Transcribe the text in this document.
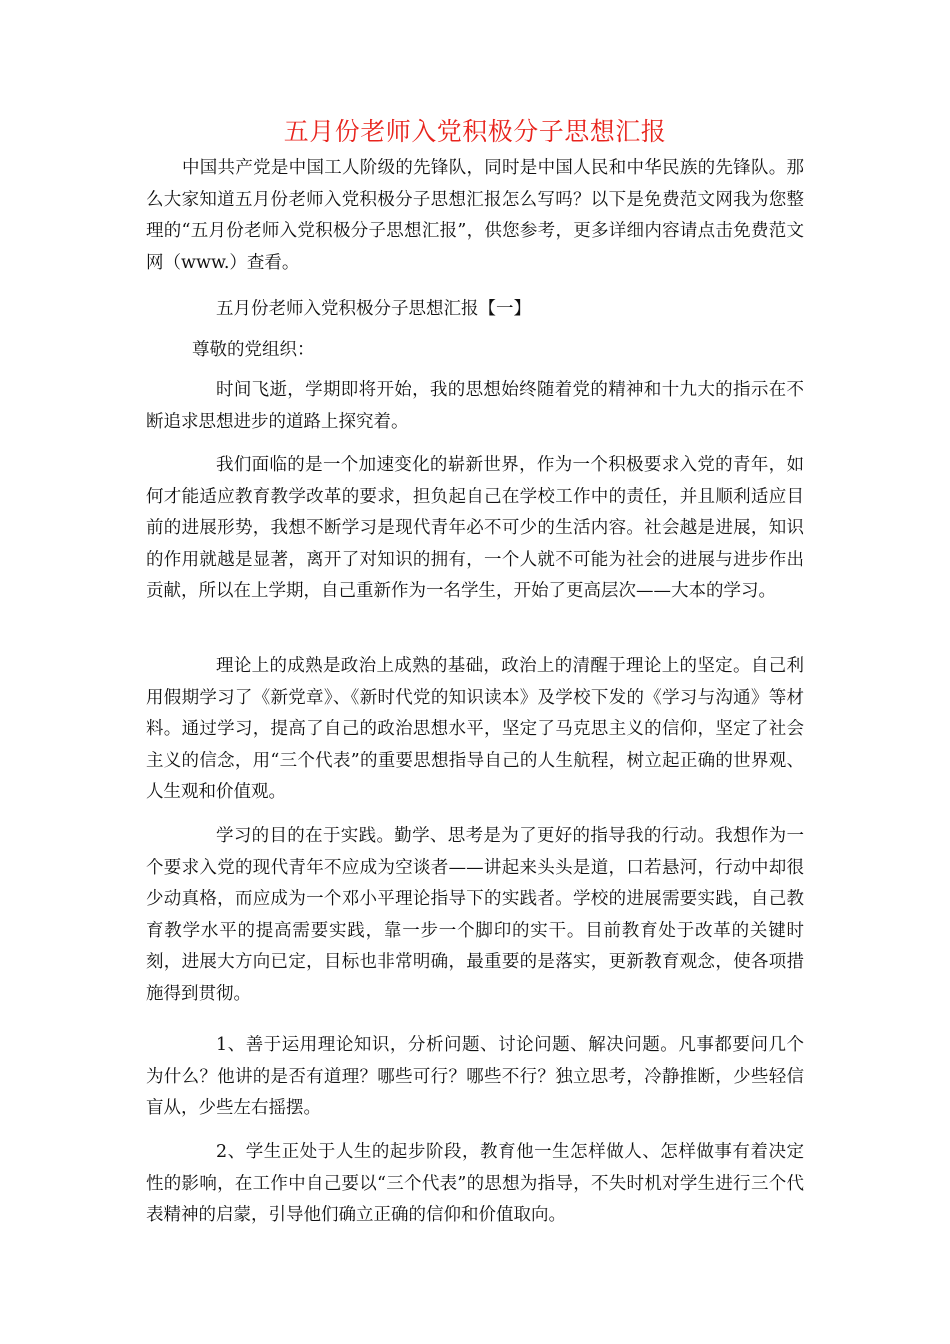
五月份老师入党积极分子思想汇报

中国共产党是中国工人阶级的先锋队，同时是中国人民和中华民族的先锋队。那么大家知道五月份老师入党积极分子思想汇报怎么写吗？以下是免费范文网我为您整理的“五月份老师入党积极分子思想汇报”，供您参考，更多详细内容请点击免费范文网（www.）查看。

五月份老师入党积极分子思想汇报【一】

尊敬的党组织：

时间飞逝，学期即将开始，我的思想始终随着党的精神和十九大的指示在不断追求思想进步的道路上探究着。

我们面临的是一个加速变化的崭新世界，作为一个积极要求入党的青年，如何才能适应教育教学改革的要求，担负起自己在学校工作中的责任，并且顺利适应目前的进展形势，我想不断学习是现代青年必不可少的生活内容。社会越是进展，知识的作用就越是显著，离开了对知识的拥有，一个人就不可能为社会的进展与进步作出贡献，所以在上学期，自己重新作为一名学生，开始了更高层次——大本的学习。

理论上的成熟是政治上成熟的基础，政治上的清醒于理论上的坚定。自己利用假期学习了《新党章》、《新时代党的知识读本》及学校下发的《学习与沟通》等材料。通过学习，提高了自己的政治思想水平，坚定了马克思主义的信仰，坚定了社会主义的信念，用“三个代表”的重要思想指导自己的人生航程，树立起正确的世界观、人生观和价值观。

学习的目的在于实践。勤学、思考是为了更好的指导我的行动。我想作为一个要求入党的现代青年不应成为空谈者——讲起来头头是道，口若悬河，行动中却很少动真格，而应成为一个邓小平理论指导下的实践者。学校的进展需要实践，自己教育教学水平的提高需要实践，靠一步一个脚印的实干。目前教育处于改革的关键时刻，进展大方向已定，目标也非常明确，最重要的是落实，更新教育观念，使各项措施得到贯彻。

1、善于运用理论知识，分析问题、讨论问题、解决问题。凡事都要问几个为什么？他讲的是否有道理？哪些可行？哪些不行？独立思考，冷静推断，少些轻信盲从，少些左右摇摆。

2、学生正处于人生的起步阶段，教育他一生怎样做人、怎样做事有着决定性的影响，在工作中自己要以“三个代表”的思想为指导，不失时机对学生进行三个代表精神的启蒙，引导他们确立正确的信仰和价值取向。
